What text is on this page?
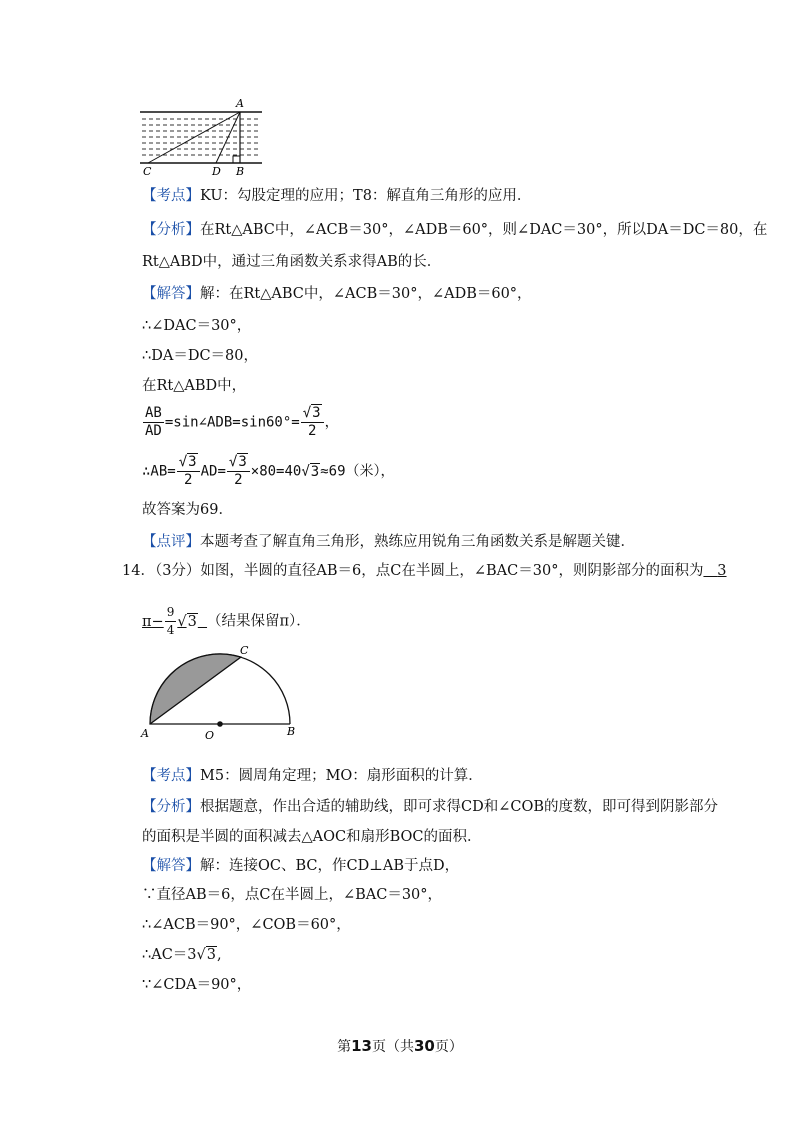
A
C	D B
【考点】KU：勾股定理的应用；T8：解直角三角形的应用．
【分析】在Rt△ABC中，∠ACB＝30°，∠ADB＝60°，则∠DAC＝30°，所以DA＝DC＝80，在
Rt△ABD中，通过三角函数关系求得AB的长．
【解答】解：在Rt△ABC中，∠ACB＝30°，∠ADB＝60°，
∴∠DAC＝30°，
∴DA＝DC＝80，
在Rt△ABD中，
$\frac{AB}{AD}$ =sin∠ADB=sin60°= $\frac{√3}{2}$ ，
∴AB= $\frac{√3}{2} AD= \frac{√3}{2} \times 80=40√3\approx 69$（米），
故答案为69．
【点评】本题考查了解直角三角形，熟练应用锐角三角函数关系是解题关键．
14．（3分）如图，半圆的直径AB＝6，点C在半圆上，∠BAC＝30°，则阴影部分的面积为 3
$\pi- \frac{9}{4} √3$ （结果保留π）．
A	O	B
C
【考点】M5：圆周角定理；MO：扇形面积的计算．
【分析】根据题意，作出合适的辅助线，即可求得CD和∠COB的度数，即可得到阴影部分
的面积是半圆的面积减去△AOC和扇形BOC的面积．
【解答】解：连接OC、BC，作CD⊥AB于点D，
∵直径AB＝6，点C在半圆上，∠BAC＝30°，
∴∠ACB＝90°，∠COB＝60°，
∴AC＝3√3,
∵∠CDA＝90°，
第13页（共30页）
